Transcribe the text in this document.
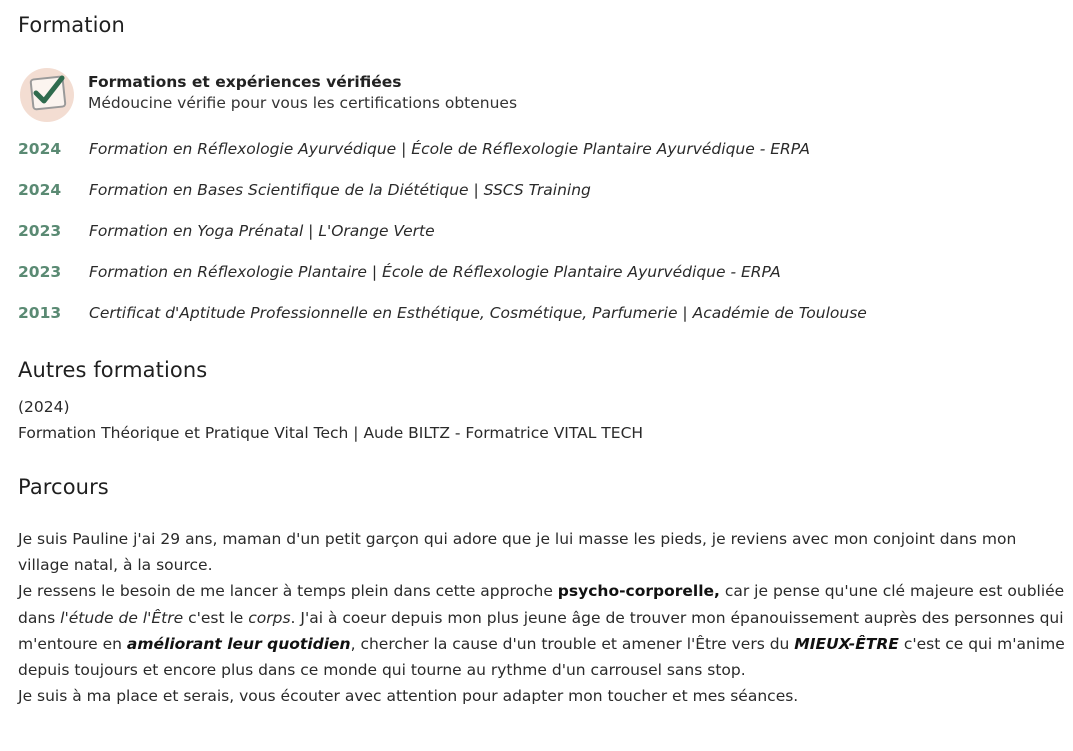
Formation
Formations et expériences vérifiées
Médoucine vérifie pour vous les certifications obtenues
2024	Formation en Réflexologie Ayurvédique | École de Réflexologie Plantaire Ayurvédique - ERPA
2024	Formation en Bases Scientifique de la Diététique | SSCS Training
2023	Formation en Yoga Prénatal | L'Orange Verte
2023	Formation en Réflexologie Plantaire | École de Réflexologie Plantaire Ayurvédique - ERPA
2013	Certificat d'Aptitude Professionnelle en Esthétique, Cosmétique, Parfumerie | Académie de Toulouse
Autres formations
(2024)
Formation Théorique et Pratique Vital Tech | Aude BILTZ - Formatrice VITAL TECH
Parcours

Je suis Pauline j'ai 29 ans, maman d'un petit garçon qui adore que je lui masse les pieds, je reviens avec mon conjoint dans mon village natal, à la source.

Je ressens le besoin de me lancer à temps plein dans cette approche psycho-corporelle, car je pense qu'une clé majeure est oubliée dans l'étude de l'Être c'est le corps. J'ai à coeur depuis mon plus jeune âge de trouver mon épanouissement auprès des personnes qui m'entoure en améliorant leur quotidien, chercher la cause d'un trouble et amener l'Être vers du MIEUX-ÊTRE c'est ce qui m'anime depuis toujours et encore plus dans ce monde qui tourne au rythme d'un carrousel sans stop.

Je suis à ma place et serais, vous écouter avec attention pour adapter mon toucher et mes séances.
